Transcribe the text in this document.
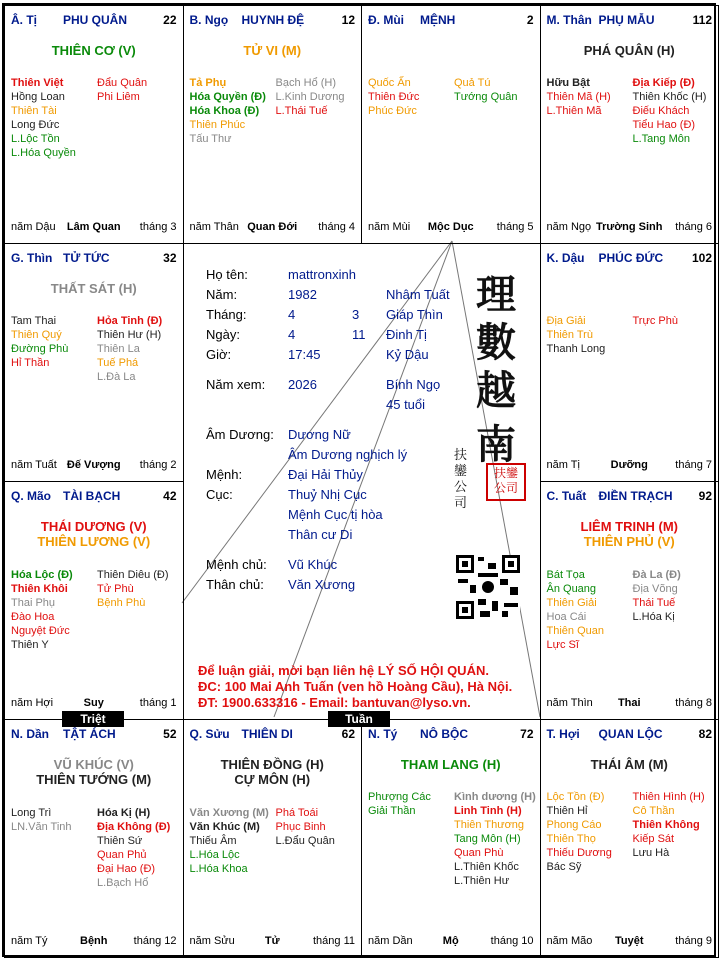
Â. Tị PHU QUÂN	22
THIÊN CƠ (V)
Thiên Việt
Hồng Loan
Thiên Tài
Long Đức
L.Lộc Tồn
L.Hóa Quyền
Đẩu Quân
Phi Liêm
năm Dậu	Lâm Quan	tháng 3
B. Ngọ HUYNH ĐỆ	12
TỬ VI (M)
Tả Phụ
Hóa Quyền (Đ)
Hóa Khoa (Đ)
Thiên Phúc
Tấu Thư
Bạch Hổ (H)
L.Kinh Dương
L.Thái Tuế
năm Thân Quan Đới	tháng 4
Đ. Mùi MỆNH	2
Quốc Ấn
Thiên Đức
Phúc Đức
Quả Tú
Tướng Quân
năm Mùi	Mộc Dục	tháng 5
M. Thân PHỤ MẪU	112
PHÁ QUÂN (H)
Hữu Bật
Thiên Mã (H)
L.Thiên Mã
Địa Kiếp (Đ)
Thiên Khốc (H)
Điếu Khách
Tiểu Hao (Đ)
L.Tang Môn
năm Ngọ Trường Sinh	tháng 6
G. Thìn TỬ TỨC	32
THẤT SÁT (H)
Tam Thai
Thiên Quý
Đường Phù
Hỉ Thần
Hỏa Tinh (Đ)
Thiên Hư (H)
Thiên La
Tuế Phá
L.Đà La
năm Tuất Đế Vượng	tháng 2
K. Dậu PHÚC ĐỨC 102
Địa Giải
Thiên Trù
Thanh Long
Trực Phù
năm Tị	Dưỡng	tháng 7
Q. Mão TÀI BẠCH	42
THÁI DƯƠNG (V)
THIÊN LƯƠNG (V)
Hóa Lộc (Đ)
Thiên Khôi
Thai Phụ
Đào Hoa
Nguyệt Đức
Thiên Y
Thiên Diêu (Đ)
Tử Phù
Bệnh Phù
năm Hợi	Suy	tháng 1
C. Tuất ĐIỀN TRẠCH 92
LIÊM TRINH (M)
THIÊN PHỦ (V)
Bát Tọa
Ân Quang
Thiên Giải
Hoa Cái
Thiên Quan
Lực Sĩ
Đà La (Đ)
Địa Võng
Thái Tuế
L.Hóa Kị
năm Thìn	Thai	tháng 8
N. Dần TẬT ÁCH	52
VŨ KHÚC (V)
THIÊN TƯỚNG (M)
Long Trì
LN.Văn Tinh
Hóa Kị (H)
Địa Không (Đ)
Thiên Sứ
Quan Phủ
Đại Hao (Đ)
L.Bạch Hổ
năm Tý	Bệnh	tháng 12
Q. Sửu THIÊN DI	62
THIÊN ĐỒNG (H)
CỰ MÔN (H)
Văn Xương (M)
Văn Khúc (M)
Thiếu Âm
L.Hóa Lộc
L.Hóa Khoa
Phá Toái
Phục Binh
L.Đẩu Quân
năm Sửu	Tử	tháng 11
N. Tý NÔ BỘC	72
THAM LANG (H)
Phượng Các
Giải Thần
Kình dương (H)
Linh Tinh (H)
Thiên Thương
Tang Môn (H)
Quan Phù
L.Thiên Khốc
L.Thiên Hư
năm Dần	Mộ	tháng 10
T. Hợi QUAN LỘC	82
THÁI ÂM (M)
Lộc Tồn (Đ)
Thiên Hỉ
Phong Cáo
Thiên Thọ
Thiếu Dương
Bác Sỹ
Thiên Hình (H)
Cô Thần
Thiên Không
Kiếp Sát
Lưu Hà
năm Mão	Tuyệt	tháng 9
Họ tên:	mattronxinh
Năm:	1982	Nhâm Tuất
Tháng:	4	3 Giáp Thìn
Ngày:	4	11 Đinh Tị
Giờ:	17:45	Kỷ Dậu
Năm xem: 2026	Bính Ngọ
45 tuổi
Âm Dương: Dương Nữ
Âm Dương nghịch lý
Mệnh:	Đại Hải Thủy
Cục:	Thuỷ Nhị Cục
Mệnh Cục tị hòa
Thân cư Di
Mệnh chủ: Vũ Khúc
Thân chủ: Văn Xương
理
數
越
南
扶鑾公司
扶鑾公司
Để luận giải, mời bạn liên hệ LÝ SỐ HỘI QUÁN.
ĐC: 100 Mai Anh Tuấn (ven hồ Hoàng Cầu), Hà Nội.
ĐT: 1900.633316 - Email: bantuvan@lyso.vn.
Triệt	Tuần
